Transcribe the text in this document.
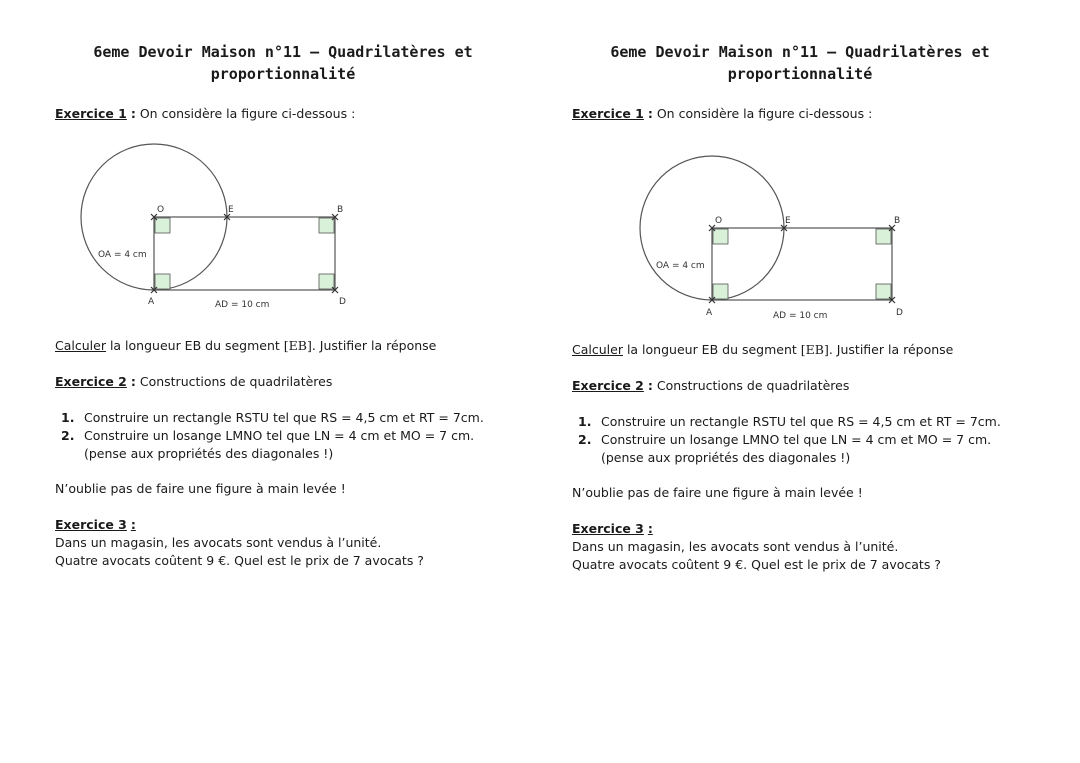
6eme Devoir Maison n°11 – Quadrilatères et proportionnalité
Exercice 1 : On considère la figure ci-dessous :
O	E	B
A	D
OA = 4 cm
AD = 10 cm
Calculer la longueur EB du segment [EB]. Justifier la réponse
Exercice 2 : Constructions de quadrilatères
1. Construire un rectangle RSTU tel que RS = 4,5 cm et RT = 7cm.
2. Construire un losange LMNO tel que LN = 4 cm et MO = 7 cm. (pense aux propriétés des diagonales !)
N’oublie pas de faire une figure à main levée !
Exercice 3 :
Dans un magasin, les avocats sont vendus à l’unité.
Quatre avocats coûtent 9 €. Quel est le prix de 7 avocats ?
6eme Devoir Maison n°11 – Quadrilatères et proportionnalité
Exercice 1 : On considère la figure ci-dessous :
O	E	B
A	D
OA = 4 cm
AD = 10 cm
Calculer la longueur EB du segment [EB]. Justifier la réponse
Exercice 2 : Constructions de quadrilatères
1. Construire un rectangle RSTU tel que RS = 4,5 cm et RT = 7cm.
2. Construire un losange LMNO tel que LN = 4 cm et MO = 7 cm. (pense aux propriétés des diagonales !)
N’oublie pas de faire une figure à main levée !
Exercice 3 :
Dans un magasin, les avocats sont vendus à l’unité.
Quatre avocats coûtent 9 €. Quel est le prix de 7 avocats ?
